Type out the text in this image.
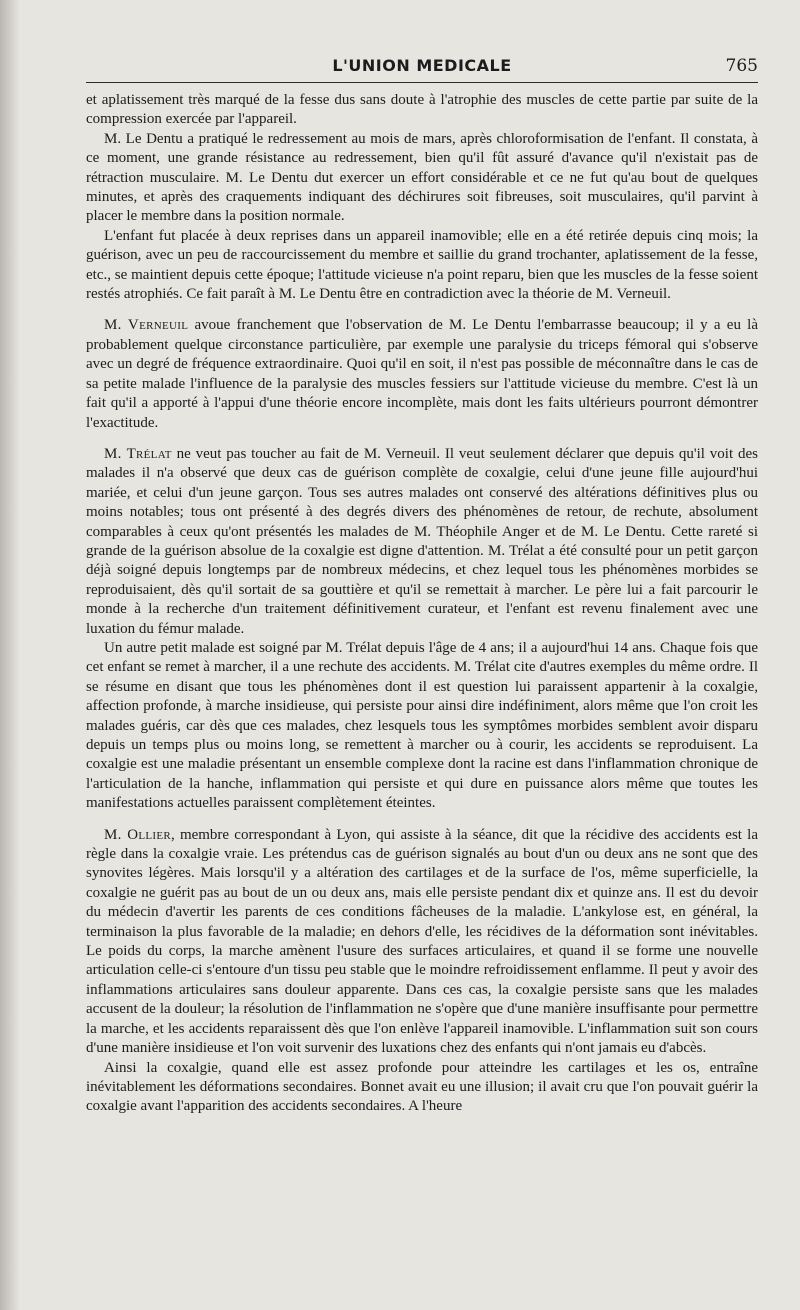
L'UNION MEDICALE	765

et aplatissement très marqué de la fesse dus sans doute à l'atrophie des muscles de cette partie par suite de la compression exercée par l'appareil.

M. Le Dentu a pratiqué le redressement au mois de mars, après chloroformisation de l'enfant. Il constata, à ce moment, une grande résistance au redressement, bien qu'il fût assuré d'avance qu'il n'existait pas de rétraction musculaire. M. Le Dentu dut exercer un effort considérable et ce ne fut qu'au bout de quelques minutes, et après des craquements indiquant des déchirures soit fibreuses, soit musculaires, qu'il parvint à placer le membre dans la position normale.

L'enfant fut placée à deux reprises dans un appareil inamovible; elle en a été retirée depuis cinq mois; la guérison, avec un peu de raccourcissement du membre et saillie du grand trochanter, aplatissement de la fesse, etc., se maintient depuis cette époque; l'attitude vicieuse n'a point reparu, bien que les muscles de la fesse soient restés atrophiés. Ce fait paraît à M. Le Dentu être en contradiction avec la théorie de M. Verneuil.

M. Verneuil avoue franchement que l'observation de M. Le Dentu l'embarrasse beaucoup; il y a eu là probablement quelque circonstance particulière, par exemple une paralysie du triceps fémoral qui s'observe avec un degré de fréquence extraordinaire. Quoi qu'il en soit, il n'est pas possible de méconnaître dans le cas de sa petite malade l'influence de la paralysie des muscles fessiers sur l'attitude vicieuse du membre. C'est là un fait qu'il a apporté à l'appui d'une théorie encore incomplète, mais dont les faits ultérieurs pourront démontrer l'exactitude.

M. Trélat ne veut pas toucher au fait de M. Verneuil. Il veut seulement déclarer que depuis qu'il voit des malades il n'a observé que deux cas de guérison complète de coxalgie, celui d'une jeune fille aujourd'hui mariée, et celui d'un jeune garçon. Tous ses autres malades ont conservé des altérations définitives plus ou moins notables; tous ont présenté à des degrés divers des phénomènes de retour, de rechute, absolument comparables à ceux qu'ont présentés les malades de M. Théophile Anger et de M. Le Dentu. Cette rareté si grande de la guérison absolue de la coxalgie est digne d'attention. M. Trélat a été consulté pour un petit garçon déjà soigné depuis longtemps par de nombreux médecins, et chez lequel tous les phénomènes morbides se reproduisaient, dès qu'il sortait de sa gouttière et qu'il se remettait à marcher. Le père lui a fait parcourir le monde à la recherche d'un traitement définitivement curateur, et l'enfant est revenu finalement avec une luxation du fémur malade.

Un autre petit malade est soigné par M. Trélat depuis l'âge de 4 ans; il a aujourd'hui 14 ans. Chaque fois que cet enfant se remet à marcher, il a une rechute des accidents. M. Trélat cite d'autres exemples du même ordre. Il se résume en disant que tous les phénomènes dont il est question lui paraissent appartenir à la coxalgie, affection profonde, à marche insidieuse, qui persiste pour ainsi dire indéfiniment, alors même que l'on croit les malades guéris, car dès que ces malades, chez lesquels tous les symptômes morbides semblent avoir disparu depuis un temps plus ou moins long, se remettent à marcher ou à courir, les accidents se reproduisent. La coxalgie est une maladie présentant un ensemble complexe dont la racine est dans l'inflammation chronique de l'articulation de la hanche, inflammation qui persiste et qui dure en puissance alors même que toutes les manifestations actuelles paraissent complètement éteintes.

M. Ollier, membre correspondant à Lyon, qui assiste à la séance, dit que la récidive des accidents est la règle dans la coxalgie vraie. Les prétendus cas de guérison signalés au bout d'un ou deux ans ne sont que des synovites légères. Mais lorsqu'il y a altération des cartilages et de la surface de l'os, même superficielle, la coxalgie ne guérit pas au bout de un ou deux ans, mais elle persiste pendant dix et quinze ans. Il est du devoir du médecin d'avertir les parents de ces conditions fâcheuses de la maladie. L'ankylose est, en général, la terminaison la plus favorable de la maladie; en dehors d'elle, les récidives de la déformation sont inévitables. Le poids du corps, la marche amènent l'usure des surfaces articulaires, et quand il se forme une nouvelle articulation celle-ci s'entoure d'un tissu peu stable que le moindre refroidissement enflamme. Il peut y avoir des inflammations articulaires sans douleur apparente. Dans ces cas, la coxalgie persiste sans que les malades accusent de la douleur; la résolution de l'inflammation ne s'opère que d'une manière insuffisante pour permettre la marche, et les accidents reparaissent dès que l'on enlève l'appareil inamovible. L'inflammation suit son cours d'une manière insidieuse et l'on voit survenir des luxations chez des enfants qui n'ont jamais eu d'abcès.

Ainsi la coxalgie, quand elle est assez profonde pour atteindre les cartilages et les os, entraîne inévitablement les déformations secondaires. Bonnet avait eu une illusion; il avait cru que l'on pouvait guérir la coxalgie avant l'apparition des accidents secondaires. A l'heure
